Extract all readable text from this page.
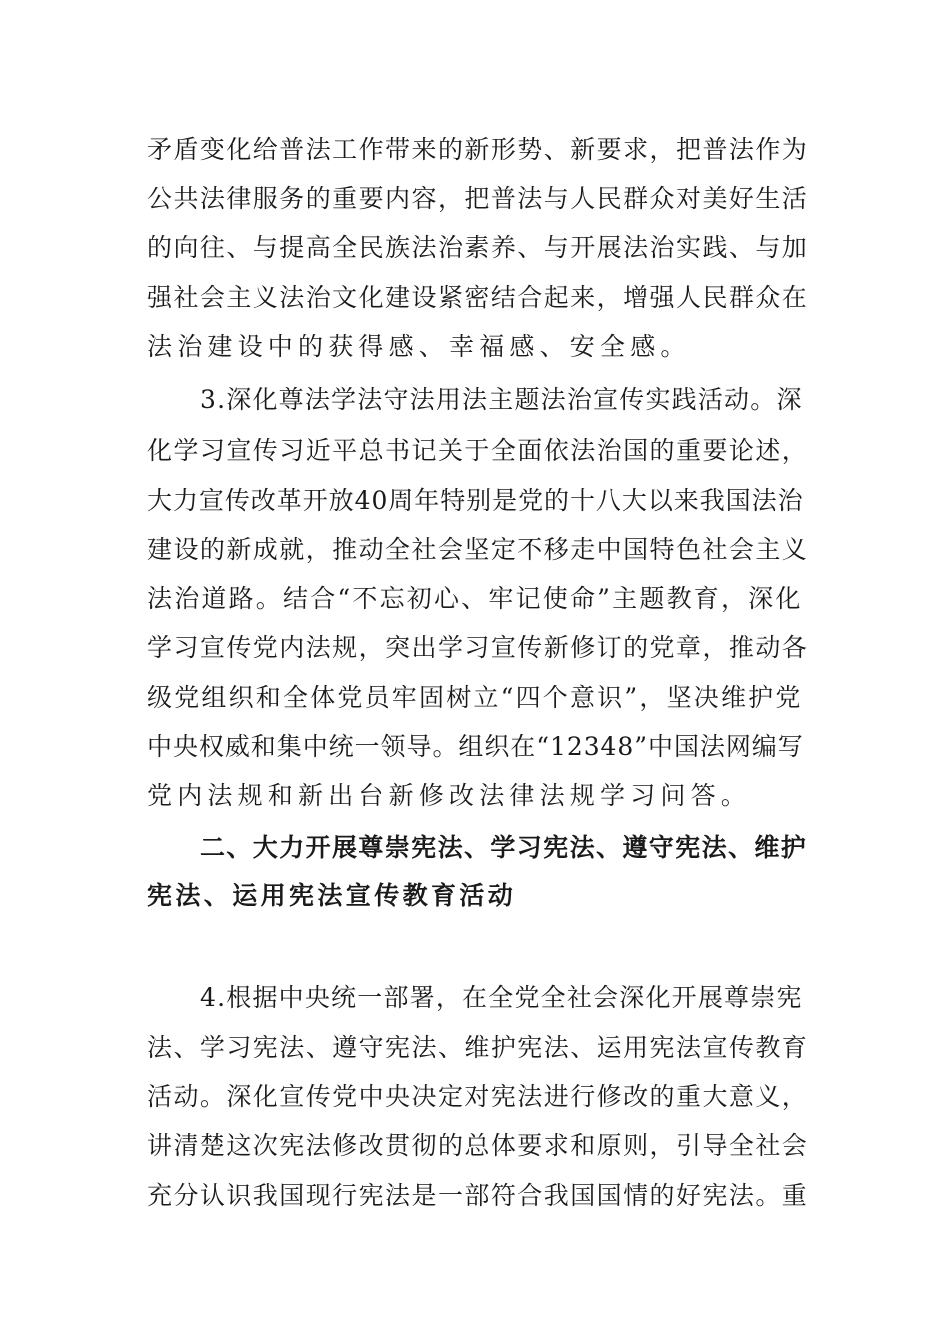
矛盾变化给普法工作带来的新形势、新要求，把普法作为
公共法律服务的重要内容，把普法与人民群众对美好生活
的向往、与提高全民族法治素养、与开展法治实践、与加
强社会主义法治文化建设紧密结合起来，增强人民群众在
法治建设中的获得感、幸福感、安全感。
3.深化尊法学法守法用法主题法治宣传实践活动。深
化学习宣传习近平总书记关于全面依法治国的重要论述，
大力宣传改革开放40周年特别是党的十八大以来我国法治
建设的新成就，推动全社会坚定不移走中国特色社会主义
法治道路。结合“不忘初心、牢记使命”主题教育，深化
学习宣传党内法规，突出学习宣传新修订的党章，推动各
级党组织和全体党员牢固树立“四个意识”，坚决维护党
中央权威和集中统一领导。组织在“12348”中国法网编写
党内法规和新出台新修改法律法规学习问答。
二、大力开展尊崇宪法、学习宪法、遵守宪法、维护
宪法、运用宪法宣传教育活动
4.根据中央统一部署，在全党全社会深化开展尊崇宪
法、学习宪法、遵守宪法、维护宪法、运用宪法宣传教育
活动。深化宣传党中央决定对宪法进行修改的重大意义，
讲清楚这次宪法修改贯彻的总体要求和原则，引导全社会
充分认识我国现行宪法是一部符合我国国情的好宪法。重
